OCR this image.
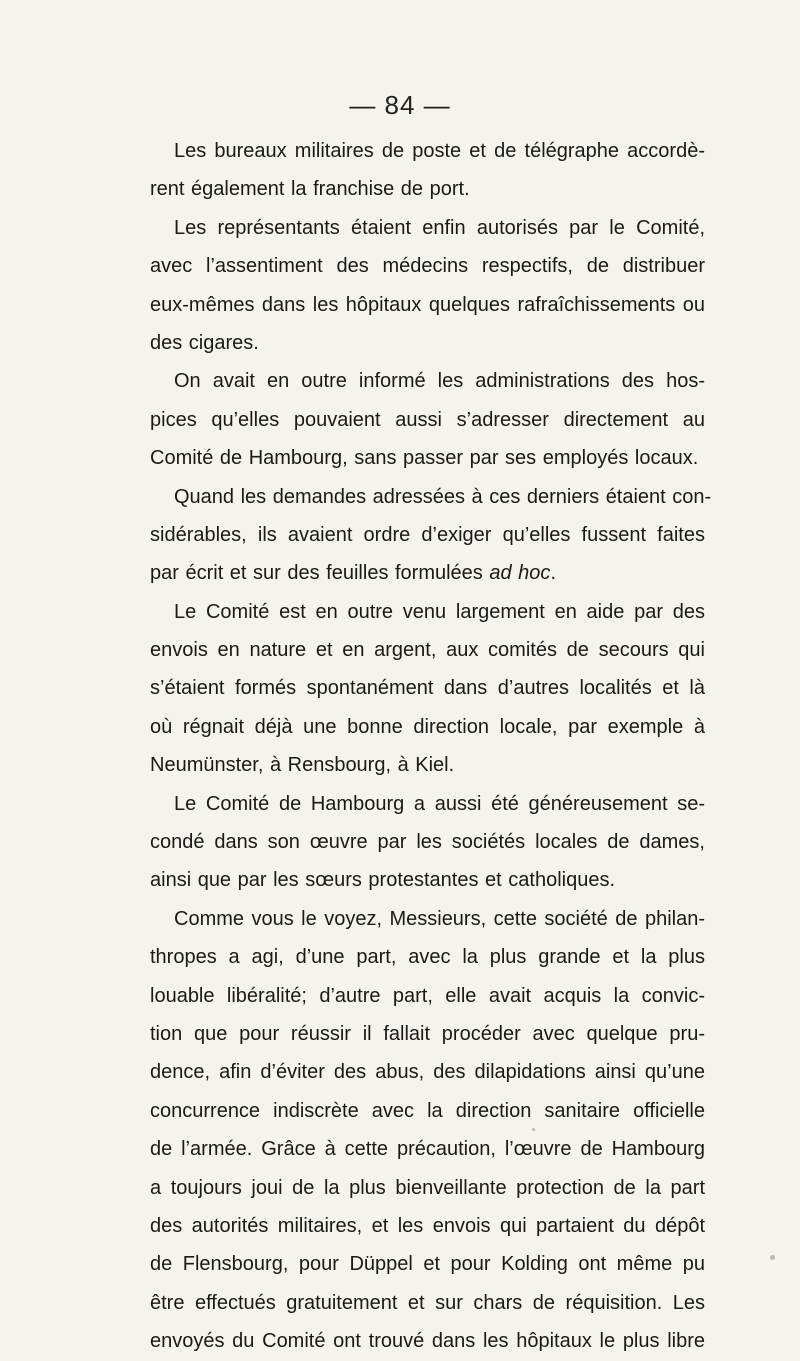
— 84 —
Les bureaux militaires de poste et de télégraphe accordè-
rent également la franchise de port.
Les représentants étaient enfin autorisés par le Comité,
avec l’assentiment des médecins respectifs, de distribuer
eux-mêmes dans les hôpitaux quelques rafraîchissements ou
des cigares.
On avait en outre informé les administrations des hos-
pices qu’elles pouvaient aussi s’adresser directement au
Comité de Hambourg, sans passer par ses employés locaux.
Quand les demandes adressées à ces derniers étaient con-
sidérables, ils avaient ordre d’exiger qu’elles fussent faites
par écrit et sur des feuilles formulées ad hoc.
Le Comité est en outre venu largement en aide par des
envois en nature et en argent, aux comités de secours qui
s’étaient formés spontanément dans d’autres localités et là
où régnait déjà une bonne direction locale, par exemple à
Neumünster, à Rensbourg, à Kiel.
Le Comité de Hambourg a aussi été généreusement se-
condé dans son œuvre par les sociétés locales de dames,
ainsi que par les sœurs protestantes et catholiques.
Comme vous le voyez, Messieurs, cette société de philan-
thropes a agi, d’une part, avec la plus grande et la plus
louable libéralité; d’autre part, elle avait acquis la convic-
tion que pour réussir il fallait procéder avec quelque pru-
dence, afin d’éviter des abus, des dilapidations ainsi qu’une
concurrence indiscrète avec la direction sanitaire officielle
de l’armée. Grâce à cette précaution, l’œuvre de Hambourg
a toujours joui de la plus bienveillante protection de la part
des autorités militaires, et les envois qui partaient du dépôt
de Flensbourg, pour Düppel et pour Kolding ont même pu
être effectués gratuitement et sur chars de réquisition. Les
envoyés du Comité ont trouvé dans les hôpitaux le plus libre
